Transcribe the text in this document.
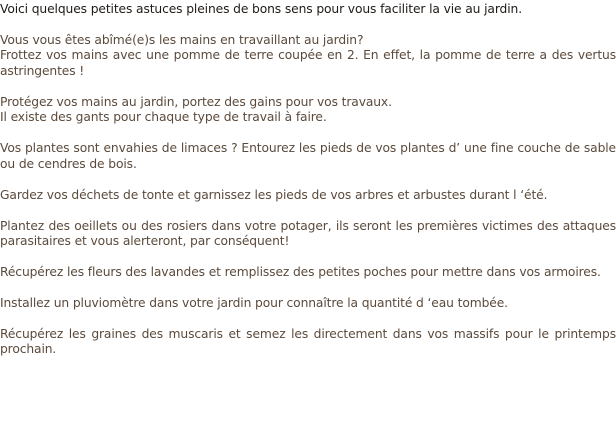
Voici quelques petites astuces pleines de bons sens pour vous faciliter la vie au jardin.

Vous vous êtes abîmé(e)s les mains en travaillant au jardin?
Frottez vos mains avec une pomme de terre coupée en 2. En effet, la pomme de terre a des vertus astringentes !

Protégez vos mains au jardin, portez des gains pour vos travaux.
Il existe des gants pour chaque type de travail à faire.

Vos plantes sont envahies de limaces ? Entourez les pieds de vos plantes d’ une fine couche de sable ou de cendres de bois.

Gardez vos déchets de tonte et garnissez les pieds de vos arbres et arbustes durant l ‘été.

Plantez des oeillets ou des rosiers dans votre potager, ils seront les premières victimes des attaques parasitaires et vous alerteront, par conséquent!

Récupérez les fleurs des lavandes et remplissez des petites poches pour mettre dans vos armoires.

Installez un pluviomètre dans votre jardin pour connaître la quantité d ‘eau tombée.

Récupérez les graines des muscaris et semez les directement dans vos massifs pour le printemps prochain.
